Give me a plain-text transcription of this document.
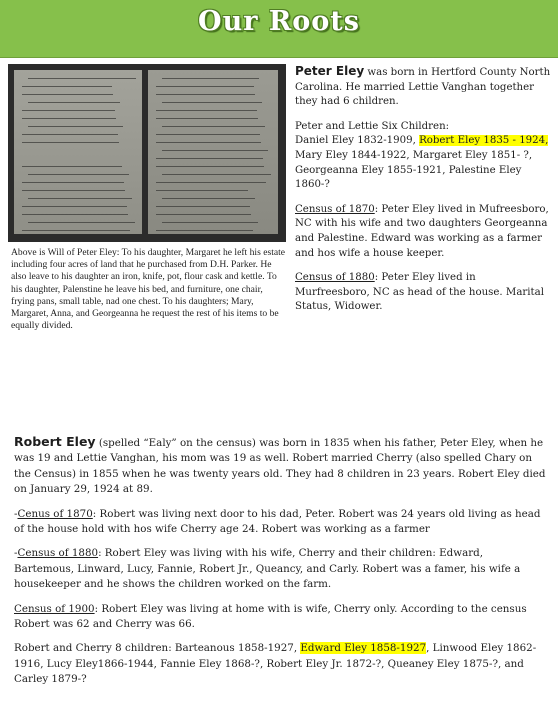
Our Roots
Above is Will of Peter Eley: To his daughter, Margaret he left his estate including four acres of land that he purchased from D.H. Parker. He also leave to his daughter an iron, knife, pot, flour cask and kettle. To his daughter, Palenstine he leave his bed, and furniture, one chair, frying pans, small table, nad one chest. To his daughters; Mary, Margaret, Anna, and Georgeanna he request the rest of his items to be equally divided.

Peter Eley was born in Hertford County North Carolina. He married Lettie Vanghan together they had 6 children.

Peter and Lettie Six Children:
Daniel Eley 1832-1909, Robert Eley 1835 - 1924,
Mary Eley 1844-1922, Margaret Eley 1851- ?, Georgeanna Eley 1855-1921, Palestine Eley 1860-?

Census of 1870: Peter Eley lived in Mufreesboro, NC with his wife and two daughters Georgeanna and Palestine. Edward was working as a farmer and hos wife a house keeper.

Census of 1880: Peter Eley lived in Murfreesboro, NC as head of the house. Marital Status, Widower.

Robert Eley (spelled “Ealy” on the census) was born in 1835 when his father, Peter Eley, when he was 19 and Lettie Vanghan, his mom was 19 as well. Robert married Cherry (also spelled Chary on the Census) in 1855 when he was twenty years old. They had 8 children in 23 years. Robert Eley died on January 29, 1924 at 89.

-Cenus of 1870: Robert was living next door to his dad, Peter. Robert was 24 years old living as head of the house hold with hos wife Cherry age 24. Robert was working as a farmer

-Census of 1880: Robert Eley was living with his wife, Cherry and their children: Edward, Bartemous, Linward, Lucy, Fannie, Robert Jr., Queancy, and Carly. Robert was a famer, his wife a housekeeper and he shows the children worked on the farm.

Census of 1900: Robert Eley was living at home with is wife, Cherry only. According to the census Robert was 62 and Cherry was 66.

Robert and Cherry 8 children: Barteanous 1858-1927, Edward Eley 1858-1927, Linwood Eley 1862-1916, Lucy Eley1866-1944, Fannie Eley 1868-?, Robert Eley Jr. 1872-?, Queaney Eley 1875-?, and Carley 1879-?
